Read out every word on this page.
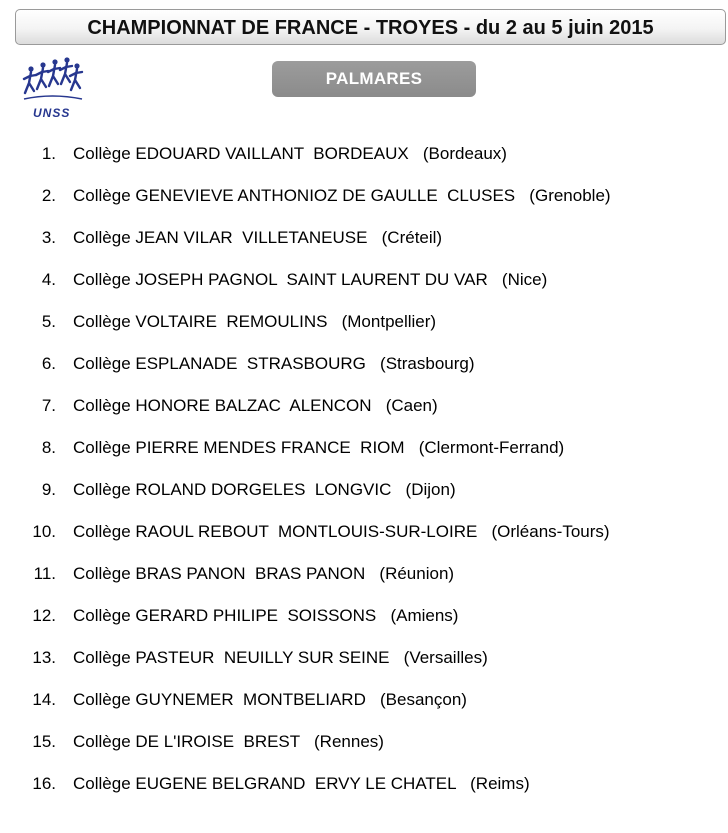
CHAMPIONNAT DE FRANCE - TROYES - du 2 au 5 juin 2015
UNSS
PALMARES
1. Collège EDOUARD VAILLANT  BORDEAUX   (Bordeaux)
2. Collège GENEVIEVE ANTHONIOZ DE GAULLE  CLUSES   (Grenoble)
3. Collège JEAN VILAR  VILLETANEUSE   (Créteil)
4. Collège JOSEPH PAGNOL  SAINT LAURENT DU VAR   (Nice)
5. Collège VOLTAIRE  REMOULINS   (Montpellier)
6. Collège ESPLANADE  STRASBOURG   (Strasbourg)
7. Collège HONORE BALZAC  ALENCON   (Caen)
8. Collège PIERRE MENDES FRANCE  RIOM   (Clermont-Ferrand)
9. Collège ROLAND DORGELES  LONGVIC   (Dijon)
10. Collège RAOUL REBOUT  MONTLOUIS-SUR-LOIRE   (Orléans-Tours)
11. Collège BRAS PANON  BRAS PANON   (Réunion)
12. Collège GERARD PHILIPE  SOISSONS   (Amiens)
13. Collège PASTEUR  NEUILLY SUR SEINE   (Versailles)
14. Collège GUYNEMER  MONTBELIARD   (Besançon)
15. Collège DE L'IROISE  BREST   (Rennes)
16. Collège EUGENE BELGRAND  ERVY LE CHATEL   (Reims)
